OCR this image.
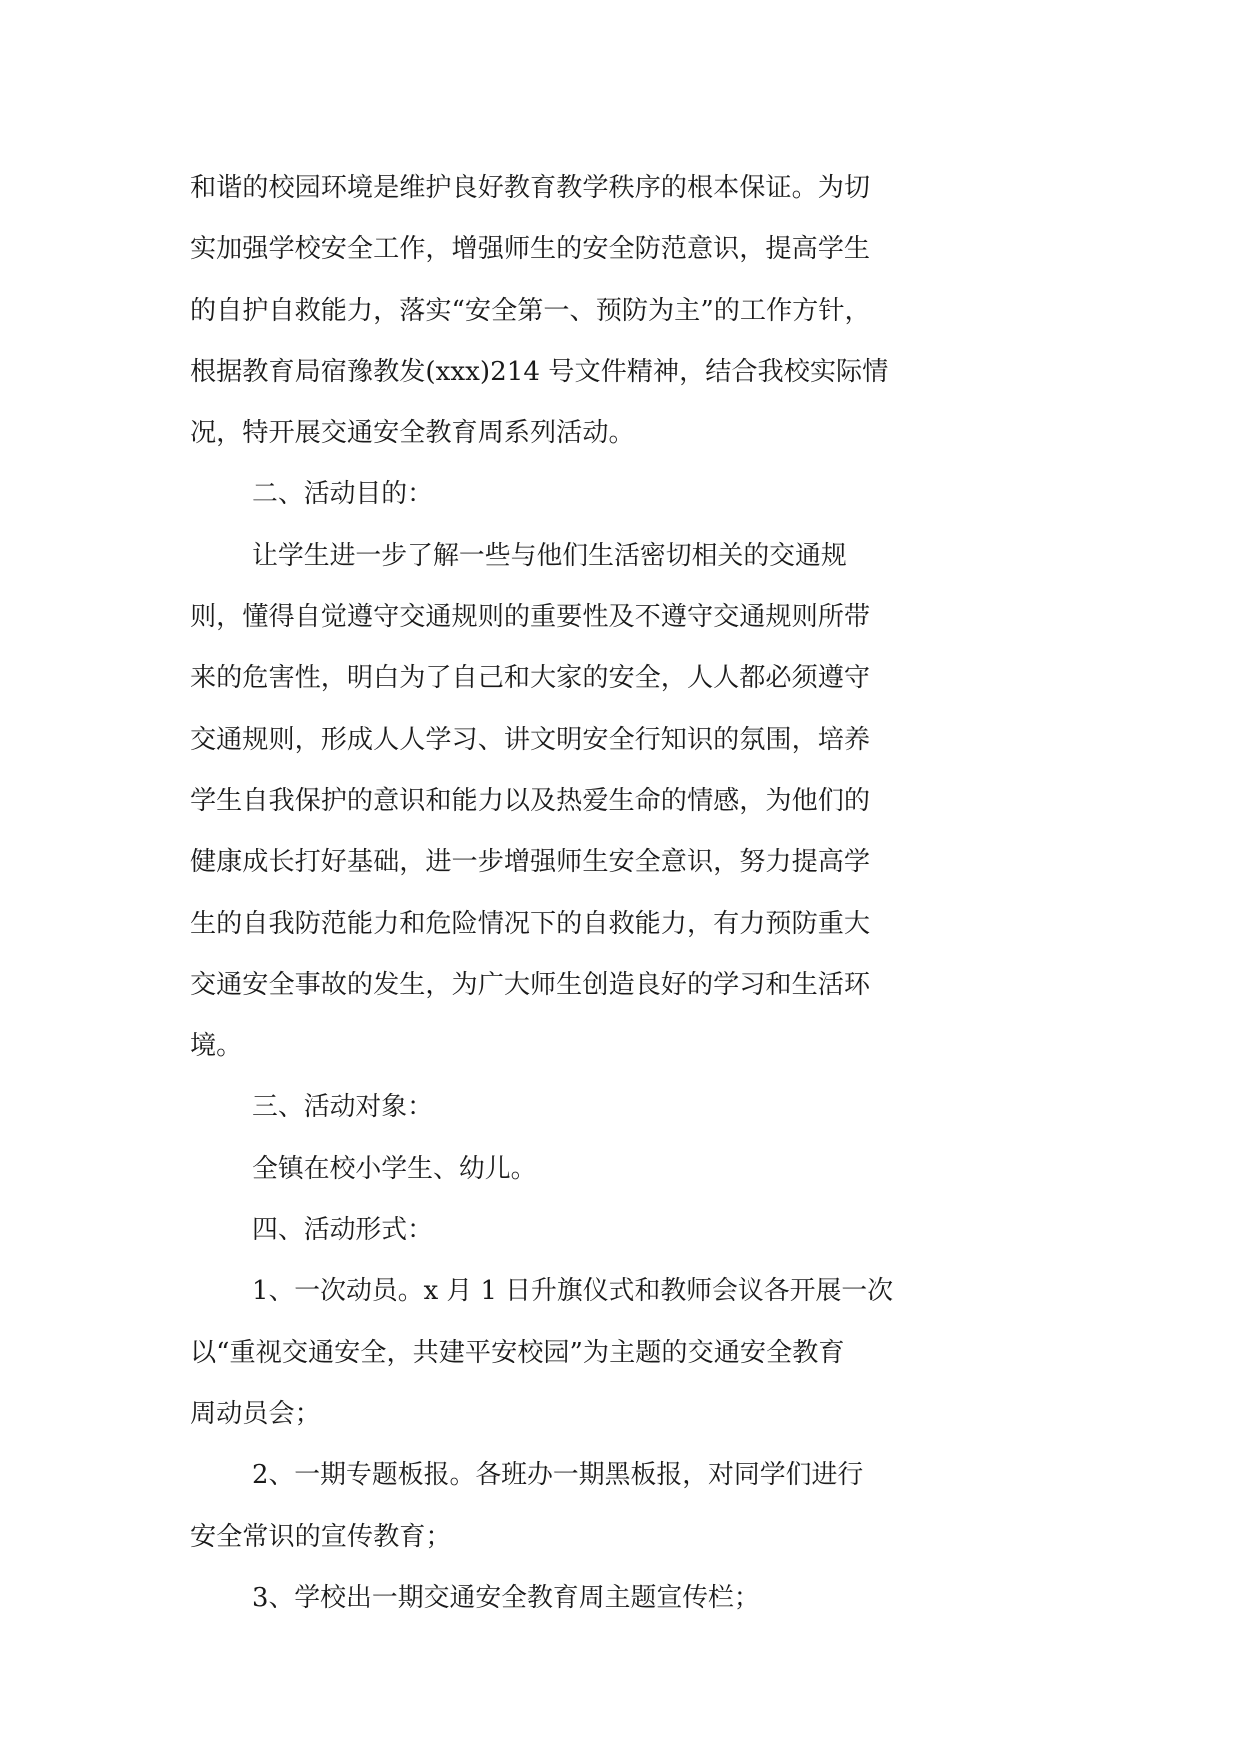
和谐的校园环境是维护良好教育教学秩序的根本保证。为切
实加强学校安全工作，增强师生的安全防范意识，提高学生
的自护自救能力，落实“安全第一、预防为主”的工作方针，
根据教育局宿豫教发(xxx)214 号文件精神，结合我校实际情
况，特开展交通安全教育周系列活动。
二、活动目的：
让学生进一步了解一些与他们生活密切相关的交通规
则，懂得自觉遵守交通规则的重要性及不遵守交通规则所带
来的危害性，明白为了自己和大家的安全，人人都必须遵守
交通规则，形成人人学习、讲文明安全行知识的氛围，培养
学生自我保护的意识和能力以及热爱生命的情感，为他们的
健康成长打好基础，进一步增强师生安全意识，努力提高学
生的自我防范能力和危险情况下的自救能力，有力预防重大
交通安全事故的发生，为广大师生创造良好的学习和生活环
境。
三、活动对象：
全镇在校小学生、幼儿。
四、活动形式：
1、一次动员。x 月 1 日升旗仪式和教师会议各开展一次
以“重视交通安全，共建平安校园”为主题的交通安全教育
周动员会；
2、一期专题板报。各班办一期黑板报，对同学们进行
安全常识的宣传教育；
3、学校出一期交通安全教育周主题宣传栏；
